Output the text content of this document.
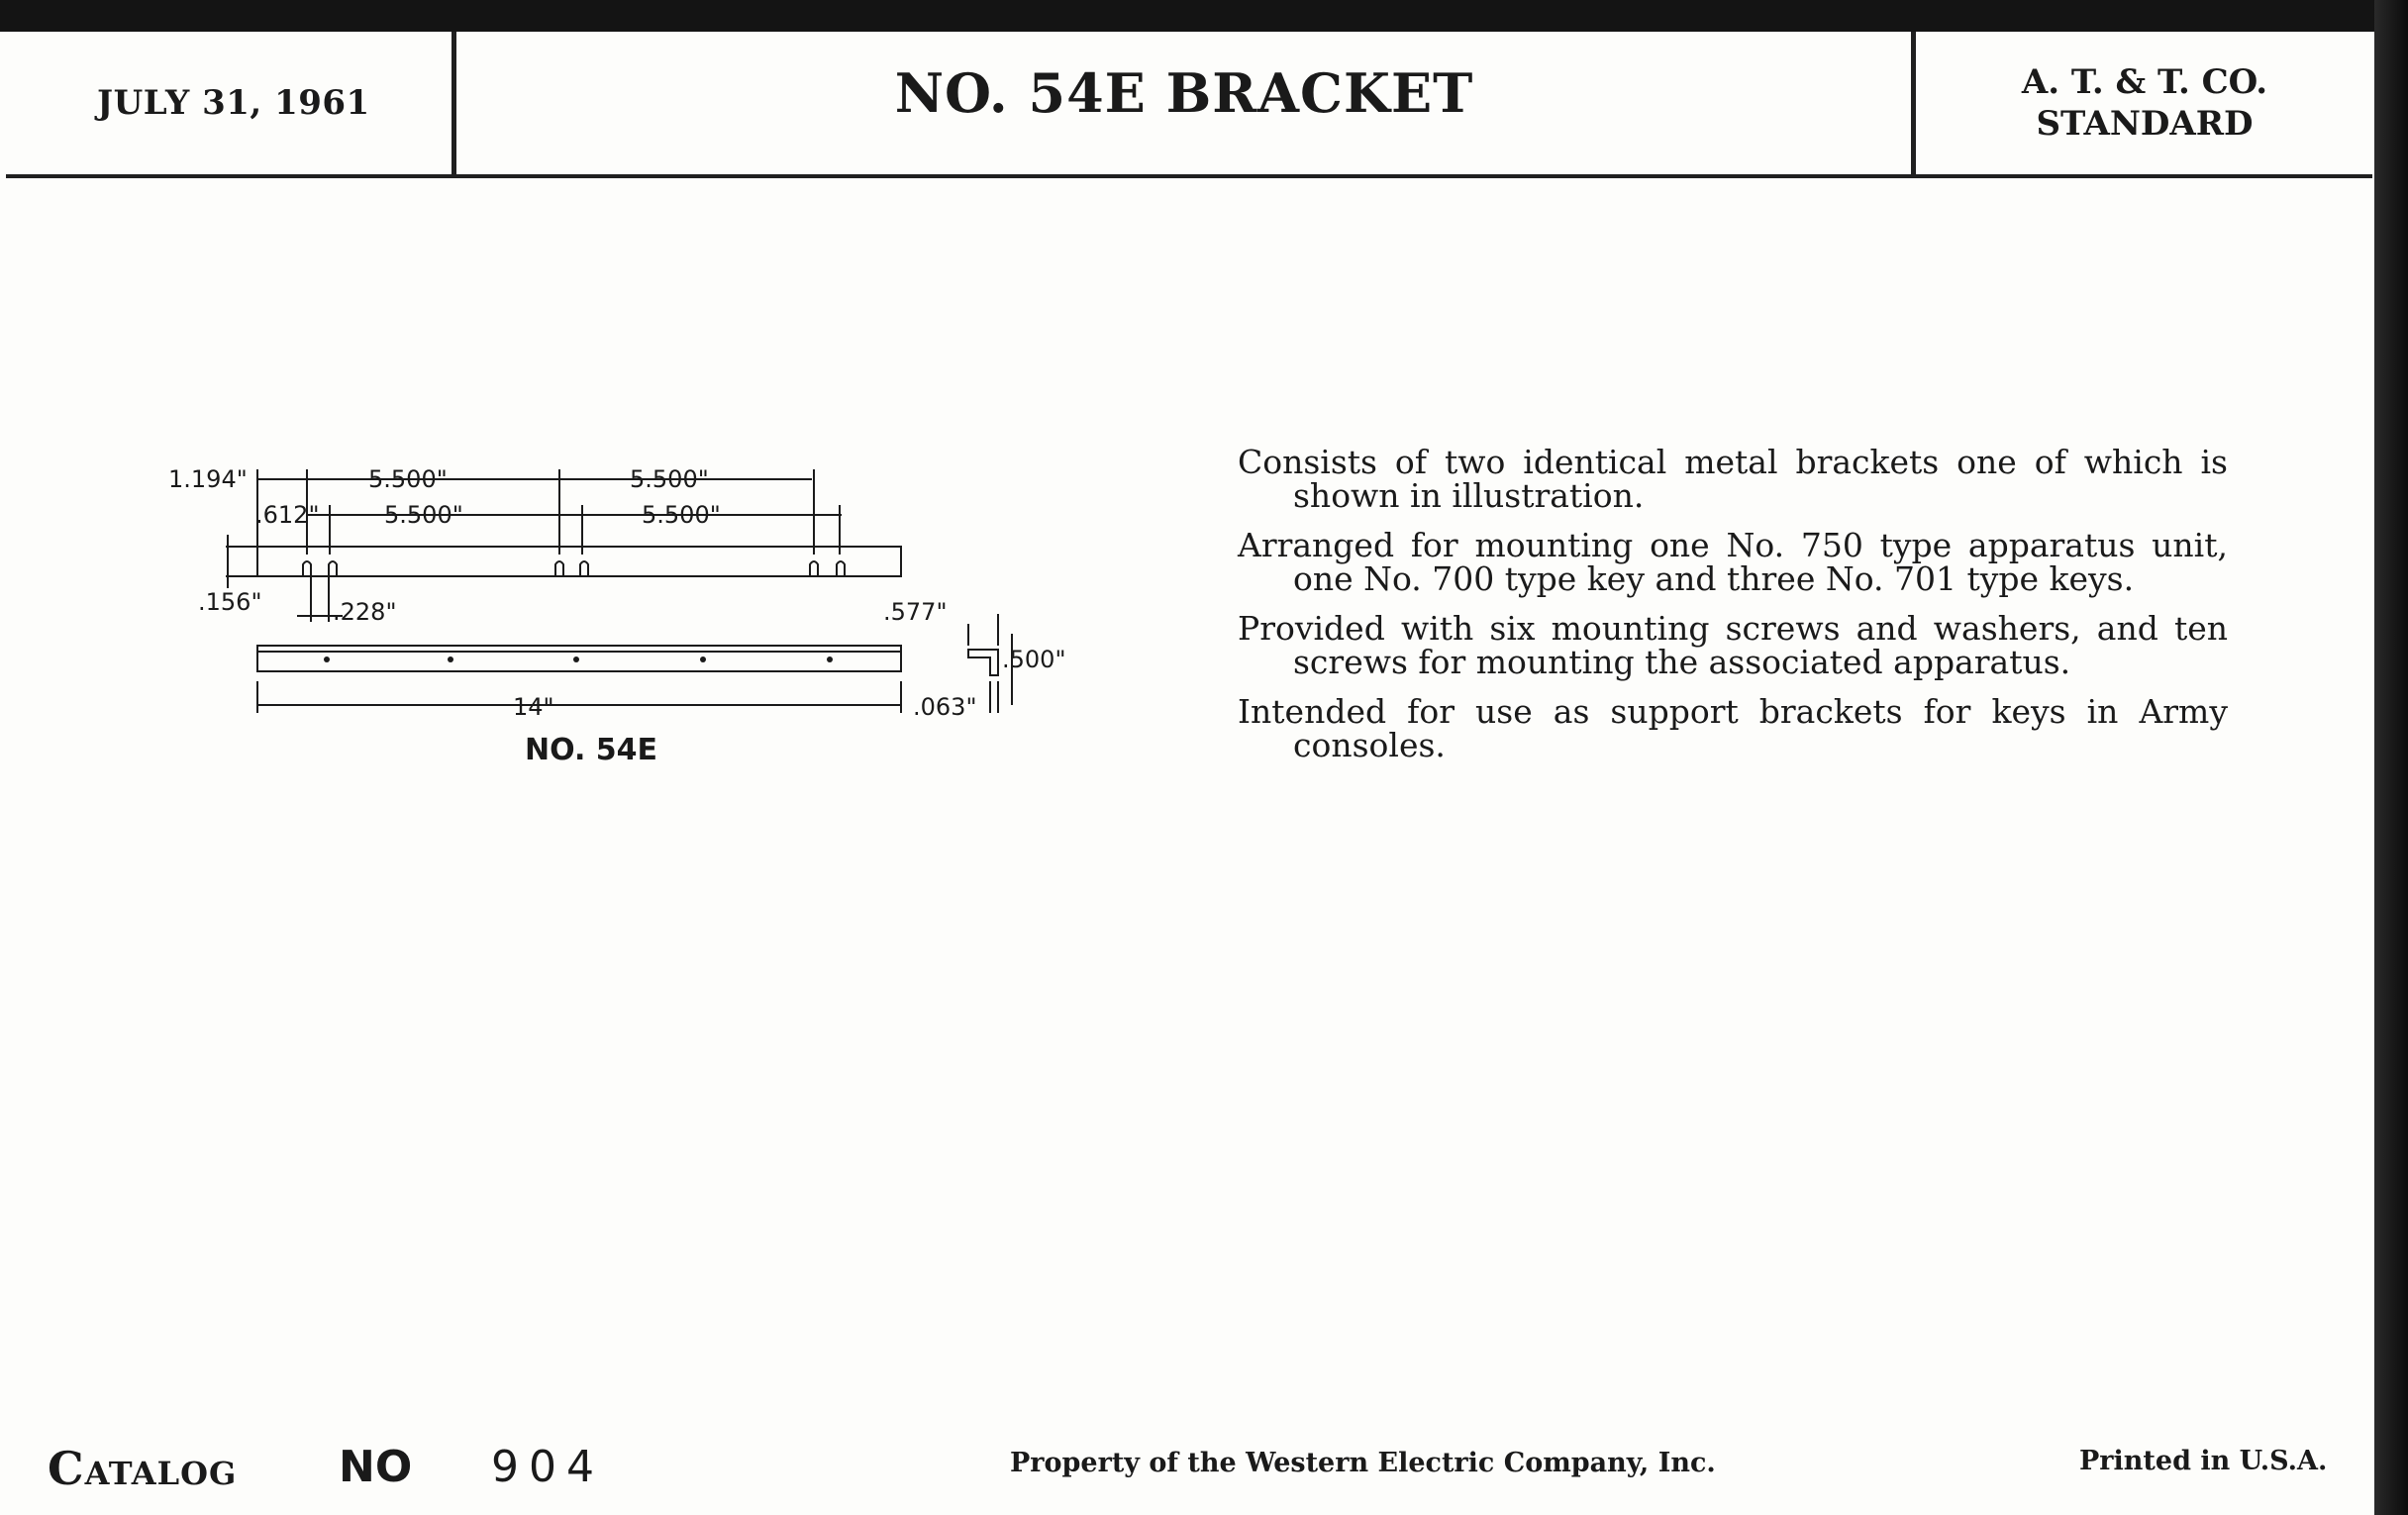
JULY 31, 1961	NO. 54E BRACKET	A. T. & T. CO.
STANDARD
1.194"	5.500"	5.500"
.612"	5.500"	5.500"
.156"	.228"
14"
.577"
.500"
.063"
NO. 54E

Consists of two identical metal brackets one of which is shown in illustration.

Arranged for mounting one No. 750 type apparatus unit, one No. 700 type key and three No. 701 type keys.

Provided with six mounting screws and washers, and ten screws for mounting the associated apparatus.

Intended for use as support brackets for keys in Army consoles.

Catalog NO 904	Property of the Western Electric Company, Inc.	Printed in U.S.A.
